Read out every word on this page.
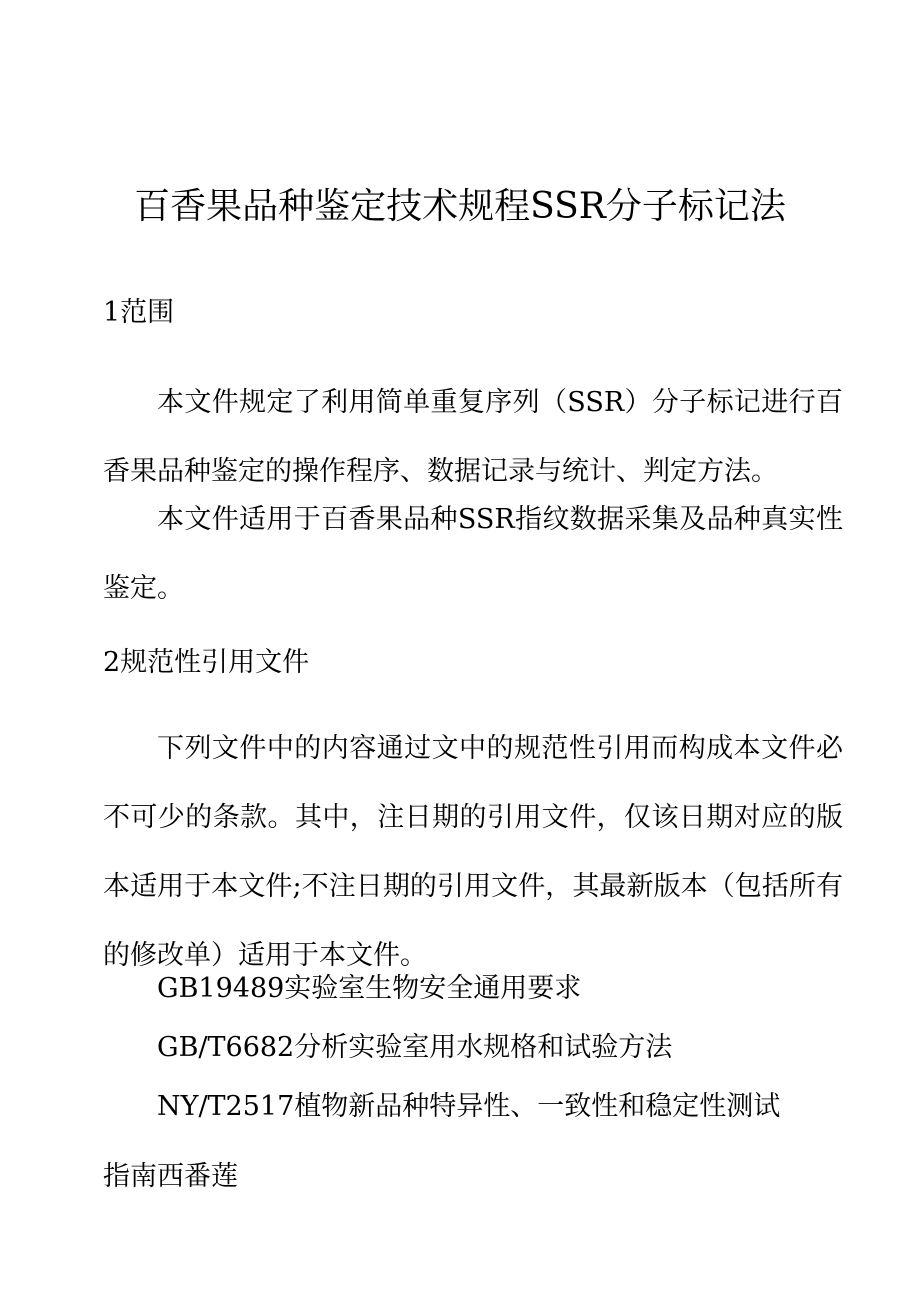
百香果品种鉴定技术规程SSR分子标记法
1范围

本文件规定了利用简单重复序列（SSR）分子标记进行百香果品种鉴定的操作程序、数据记录与统计、判定方法。

本文件适用于百香果品种SSR指纹数据采集及品种真实性鉴定。

2规范性引用文件

下列文件中的内容通过文中的规范性引用而构成本文件必不可少的条款。其中，注日期的引用文件，仅该日期对应的版本适用于本文件;不注日期的引用文件，其最新版本（包括所有的修改单）适用于本文件。

GB19489实验室生物安全通用要求
GB/T6682分析实验室用水规格和试验方法
NY/T2517植物新品种特异性、一致性和稳定性测试
指南西番莲
